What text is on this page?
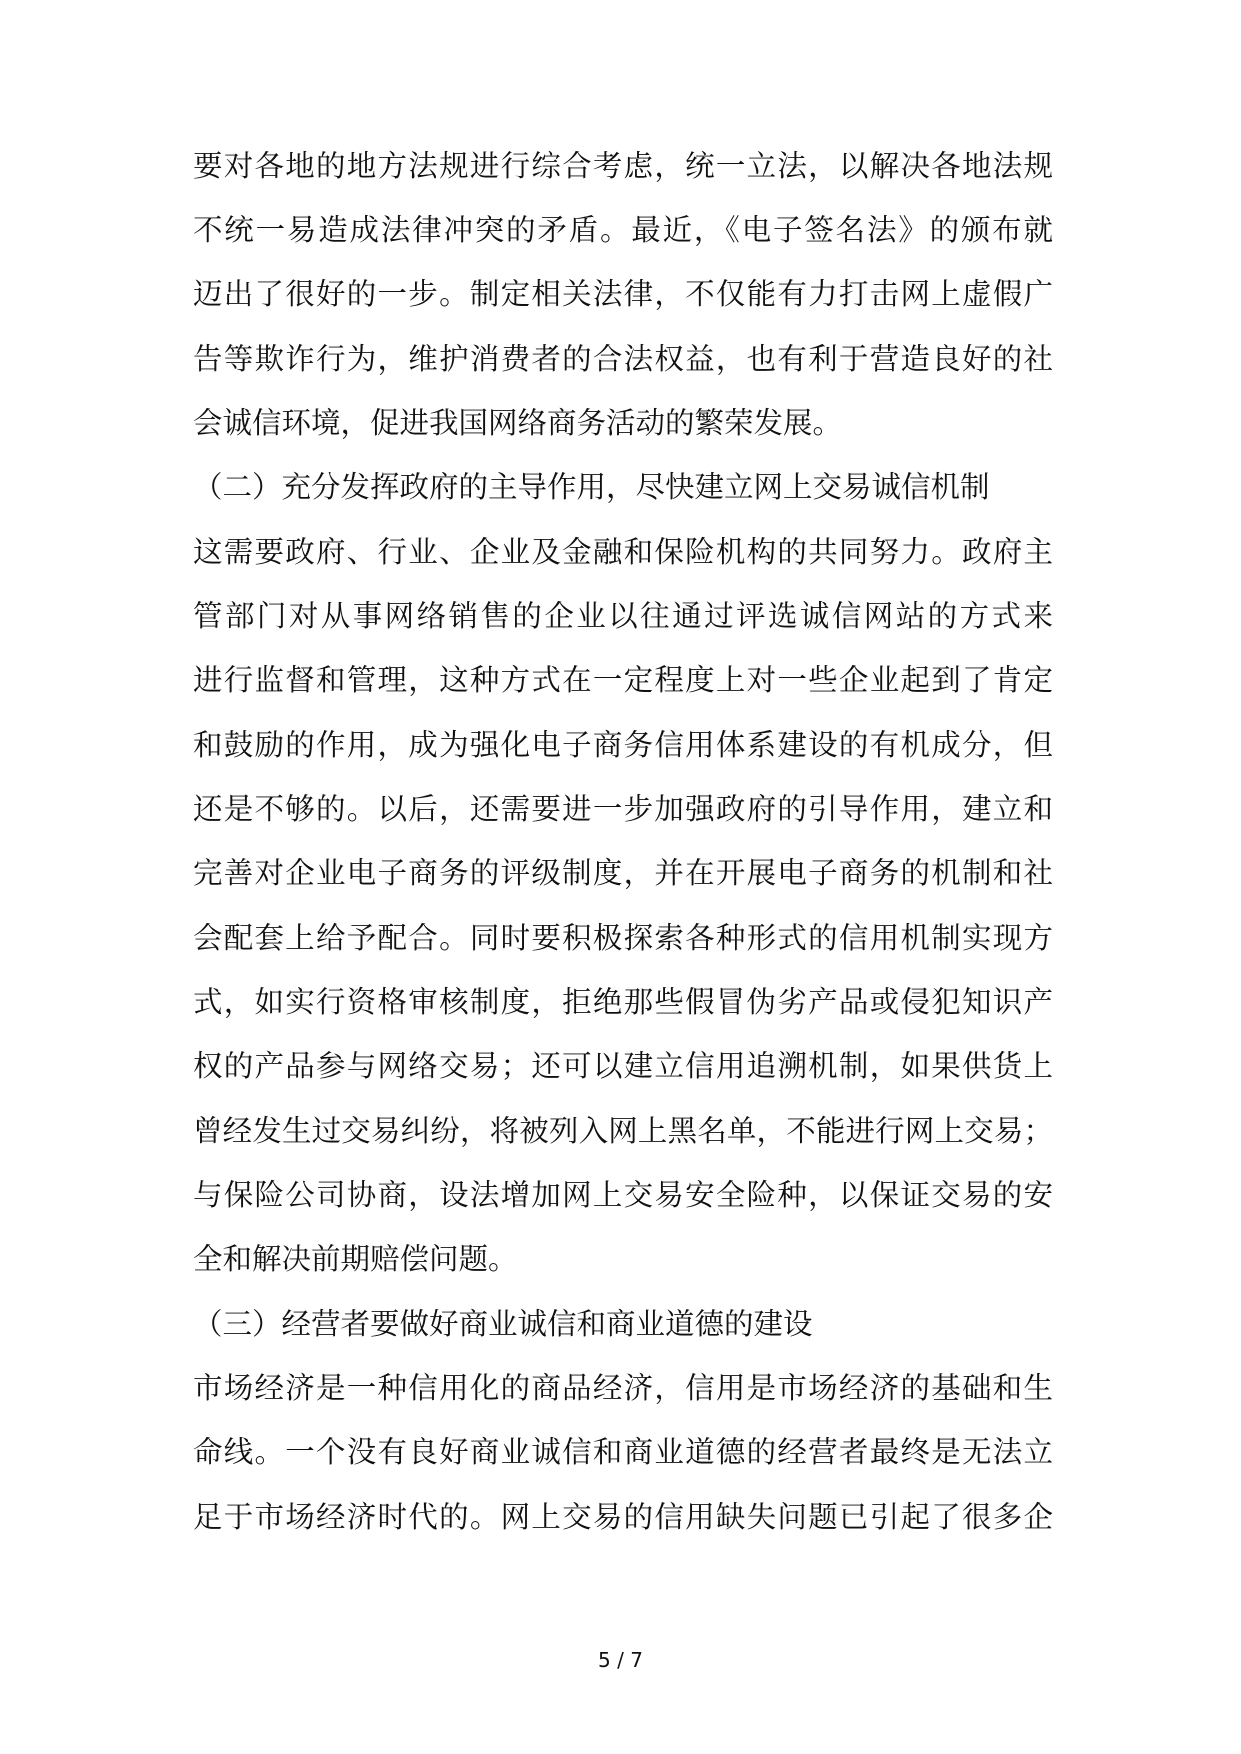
要对各地的地方法规进行综合考虑，统一立法，以解决各地法规
不统一易造成法律冲突的矛盾。最近，《电子签名法》的颁布就
迈出了很好的一步。制定相关法律，不仅能有力打击网上虚假广
告等欺诈行为，维护消费者的合法权益，也有利于营造良好的社
会诚信环境，促进我国网络商务活动的繁荣发展。
（二）充分发挥政府的主导作用，尽快建立网上交易诚信机制
这需要政府、行业、企业及金融和保险机构的共同努力。政府主
管部门对从事网络销售的企业以往通过评选诚信网站的方式来
进行监督和管理，这种方式在一定程度上对一些企业起到了肯定
和鼓励的作用，成为强化电子商务信用体系建设的有机成分，但
还是不够的。以后，还需要进一步加强政府的引导作用，建立和
完善对企业电子商务的评级制度，并在开展电子商务的机制和社
会配套上给予配合。同时要积极探索各种形式的信用机制实现方
式，如实行资格审核制度，拒绝那些假冒伪劣产品或侵犯知识产
权的产品参与网络交易；还可以建立信用追溯机制，如果供货上
曾经发生过交易纠纷，将被列入网上黑名单，不能进行网上交易；
与保险公司协商，设法增加网上交易安全险种，以保证交易的安
全和解决前期赔偿问题。
（三）经营者要做好商业诚信和商业道德的建设
市场经济是一种信用化的商品经济，信用是市场经济的基础和生
命线。一个没有良好商业诚信和商业道德的经营者最终是无法立
足于市场经济时代的。网上交易的信用缺失问题已引起了很多企
5 / 7
